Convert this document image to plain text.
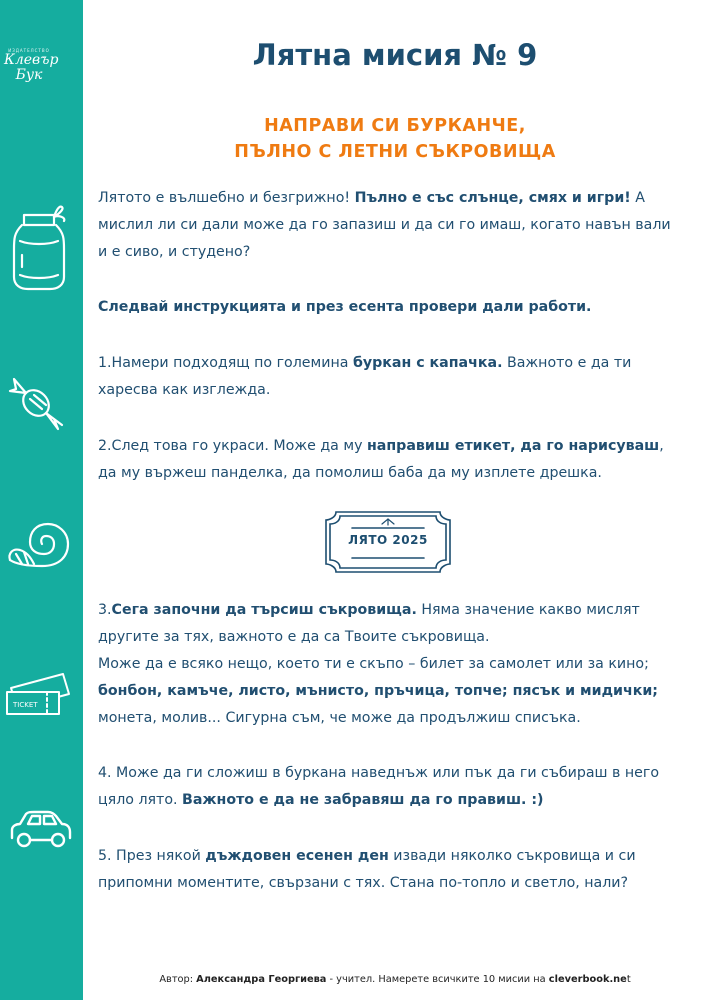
ИЗДАТЕЛСТВО
Клевър
Бук
TICKET
Лятна мисия № 9
НАПРАВИ СИ БУРКАНЧЕ,
ПЪЛНО С ЛЕТНИ СЪКРОВИЩА

Лятото е вълшебно и безгрижно! Пълно е със слънце, смях и игри! А мислил ли си дали може да го запазиш и да си го имаш, когато навън вали и е сиво, и студено?

Следвай инструкцията и през есента провери дали работи.

1.Намери подходящ по големина буркан с капачка. Важното е да ти харесва как изглежда.

2.След това го украси. Може да му направиш етикет, да го нарисуваш, да му вържеш панделка, да помолиш баба да му изплете дрешка.

ЛЯТО 2025

3.Сега започни да търсиш съкровища. Няма значение какво мислят другите за тях, важното е да са Твоите съкровища.
Може да е всяко нещо, което ти е скъпо – билет за самолет или за кино;
бонбон, камъче, листо, мънисто, пръчица, топче; пясък и мидички; монета, молив... Сигурна съм, че може да продължиш списъка.

4. Може да ги сложиш в буркана наведнъж или пък да ги събираш в него цяло лято. Важното е да не забравяш да го правиш. :)

5. През някой дъждовен есенен ден извади няколко съкровища и си припомни моментите, свързани с тях. Стана по-топло и светло, нали?

Автор: Александра Георгиева - учител. Намерете всичките 10 мисии на cleverbook.net
